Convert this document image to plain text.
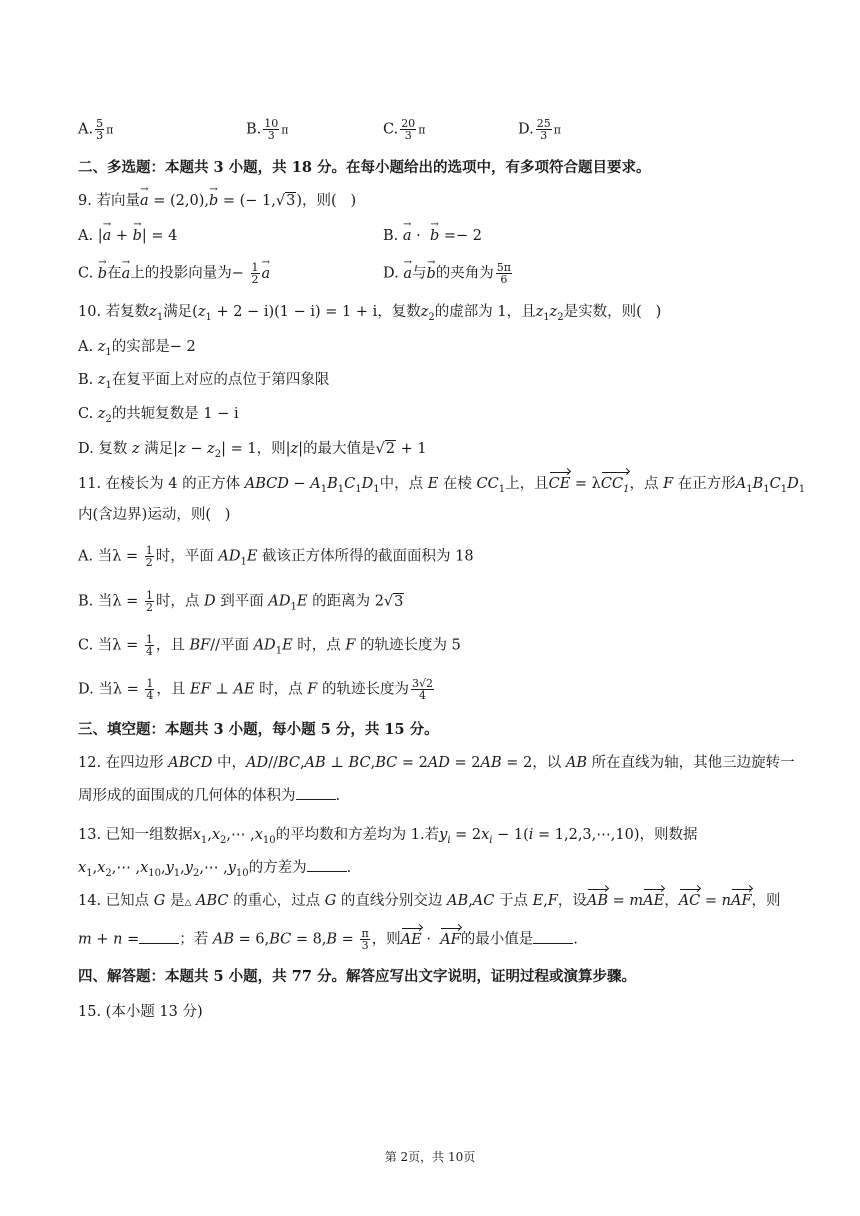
A. $\frac{5}{3}$ π	B. $\frac{10}{3}$ π	C. $\frac{20}{3}$ π	D. $\frac{25}{3}$ π
二、多选题：本题共 3 小题，共 18 分。在每小题给出的选项中，有多项符合题目要求。
9. 若向量→ a = (2,0),→ b = (− 1,√3)，则(   )
A. |→ a + → b| = 4	B. → a ·  → b =− 2
C. → b在→ a上的投影向量为− $\frac{1}{2}$
→ a	D. → a与→ b的夹角为 $\frac{5\pi}{6}$
10. 若复数$z_1$满足$(z_1 + 2 - i)(1 - i) = 1 + i$，复数$z_2$的虚部为 1，且$z_1z_2$是实数，则(   )
A. $z_1$的实部是− 2
B. $z_1$在复平面上对应的点位于第四象限
C. $z_2$的共轭复数是 1 − i
D. 复数 z 满足$|z - z_2| = 1$，则|z|的最大值是√2 + 1
11. 在棱长为 4 的正方体 ABCD − $A_1B_1C_1D_1$中，点 E 在棱 $CC_1$上，且CE = λCC$_1$，点 F 在正方形$A_1B_1C_1D_1$
内(含边界)运动，则(   )
A. 当$\lambda = \frac{1}{2}$ 时，平面 $AD_1E$ 截该正方体所得的截面面积为 18
B. 当$\lambda = \frac{1}{2}$ 时，点 D 到平面 $AD_1E$ 的距离为 2√3
C. 当$\lambda = \frac{1}{4}$ ，且 BF//平面 $AD_1E$ 时，点 F 的轨迹长度为 5
D. 当$\lambda = \frac{1}{4}$ ，且 EF ⊥ AE 时，点 F 的轨迹长度为 $\frac{3√2}{4}$
三、填空题：本题共 3 小题，每小题 5 分，共 15 分。
12. 在四边形 ABCD 中，AD//BC,AB ⊥ BC,BC = 2AD = 2AB = 2，以 AB 所在直线为轴，其他三边旋转一
周形成的面围成的几何体的体积为	.
13. 已知一组数据$x_1,x_2,\cdots$ $,x_{10}$的平均数和方差均为 1.若$y_i = 2x_i - 1(i$ = 1,2,3,⋯,10)，则数据
$x_1,x_2,\cdots$ $,x_{10},y_1,y_2,\cdots$ $,y_{10}$的方差为	.
14. 已知点 G 是△ ABC 的重心，过点 G 的直线分别交边 AB,AC 于点 E,F，设AB = mAE，AC = nAF，则
m + n =	；若 AB = $6,BC = 8,B = \frac{\pi}{3}$ ，则AE ·  AF的最小值是	.
四、解答题：本题共 5 小题，共 77 分。解答应写出文字说明，证明过程或演算步骤。
15. (本小题 13 分)
第 2页，共 10页
